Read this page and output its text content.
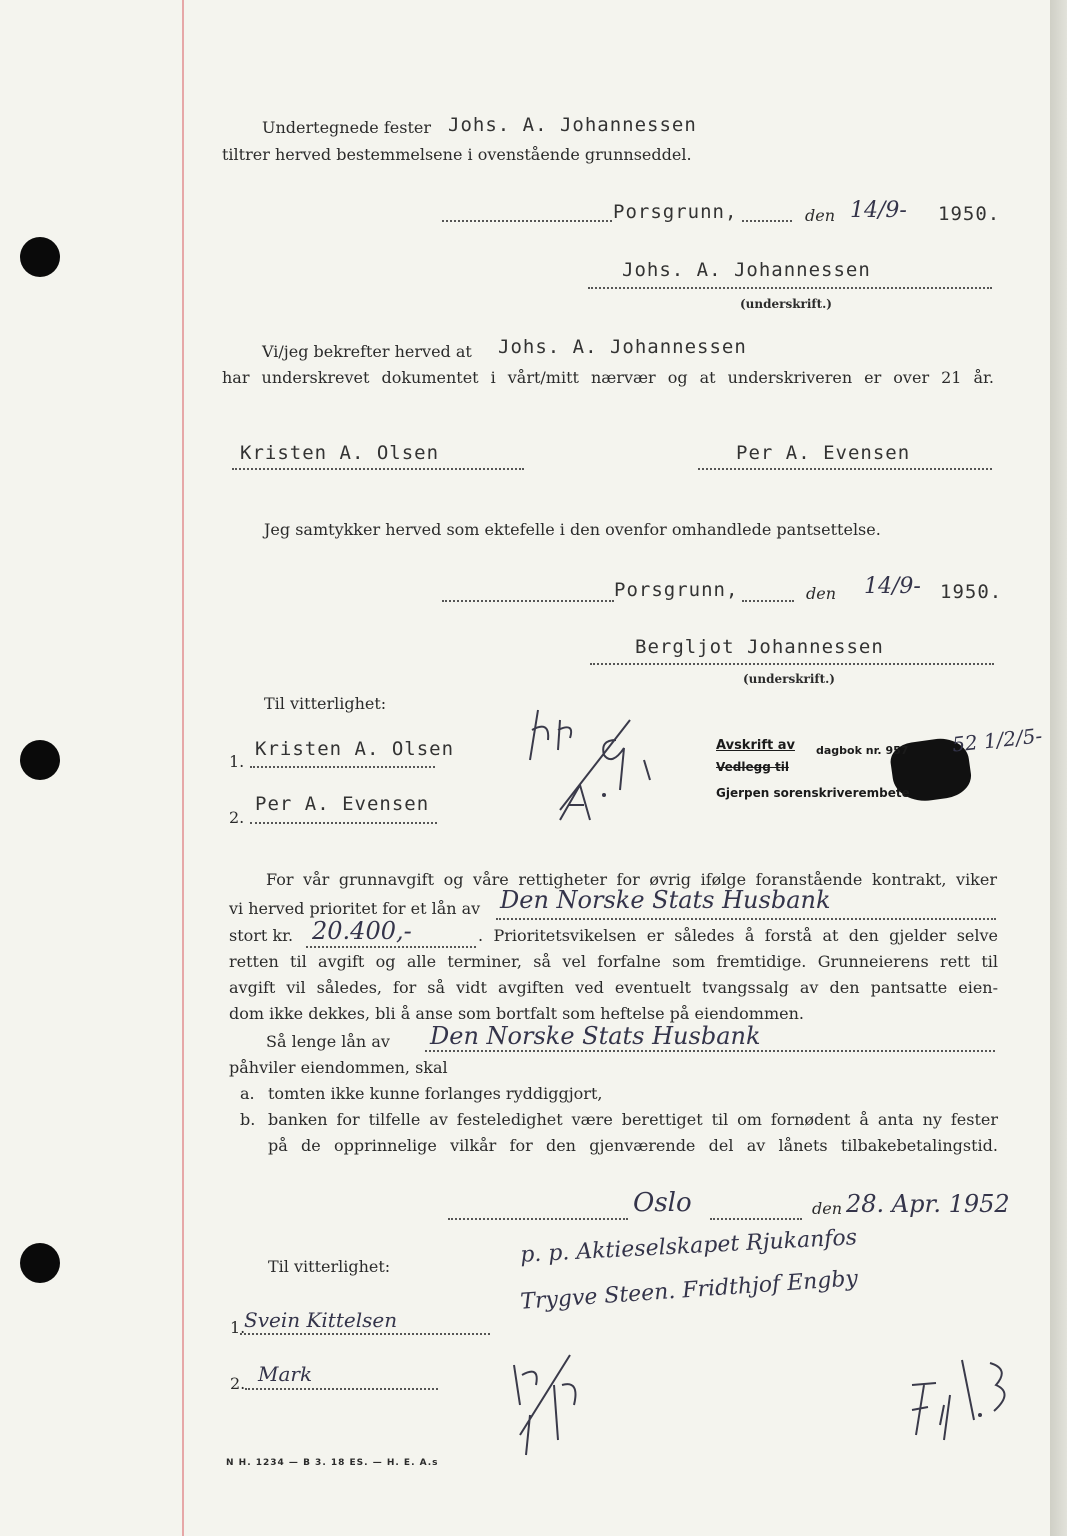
Undertegnede fester Johs. A. Johannessen
tiltrer herved bestemmelsene i ovenstående grunnseddel.
Porsgrunn,	den 14/9- 1950.
Johs. A. Johannessen
(underskrift.)
Vi/jeg bekrefter herved at Johs. A. Johannessen
har underskrevet dokumentet i vårt/mitt nærvær og at underskriveren er over 21 år.
Kristen A. Olsen	Per A. Evensen
Jeg samtykker herved som ektefelle i den ovenfor omhandlede pantsettelse.
Porsgrunn,	den 14/9- 1950.
Bergljot Johannessen
(underskrift.)
Til vitterlighet:
1.
Kristen A. Olsen
2.
Per A. Evensen
Avskrift av dagbok nr. 957
Vedlegg til
Gjerpen sorenskriverembete
52 1/2/5-
For vår grunnavgift og våre rettigheter for øvrig ifølge foranstående kontrakt, viker
vi herved prioritet for et lån av Den Norske Stats Husbank
stort kr. 20.400,-	. Prioritetsvikelsen er således å forstå at den gjelder selve
retten til avgift og alle terminer, så vel forfalne som fremtidige. Grunneierens rett til
avgift vil således, for så vidt avgiften ved eventuelt tvangssalg av den pantsatte eien-
dom ikke dekkes, bli å anse som bortfalt som heftelse på eiendommen.
Så lenge lån av Den Norske Stats Husbank
påhviler eiendommen, skal
a. tomten ikke kunne forlanges ryddiggjort,
b. banken for tilfelle av festeledighet være berettiget til om fornødent å anta ny fester
på de opprinnelige vilkår for den gjenværende del av lånets tilbakebetalingstid.
Oslo	den 28. Apr. 1952
p. p. Aktieselskapet Rjukanfos
Trygve Steen. Fridthjof Engby
Til vitterlighet:
1.
Svein Kittelsen
2. Mark
N H. 1234 — B 3. 18 ES. — H. E. A.s
